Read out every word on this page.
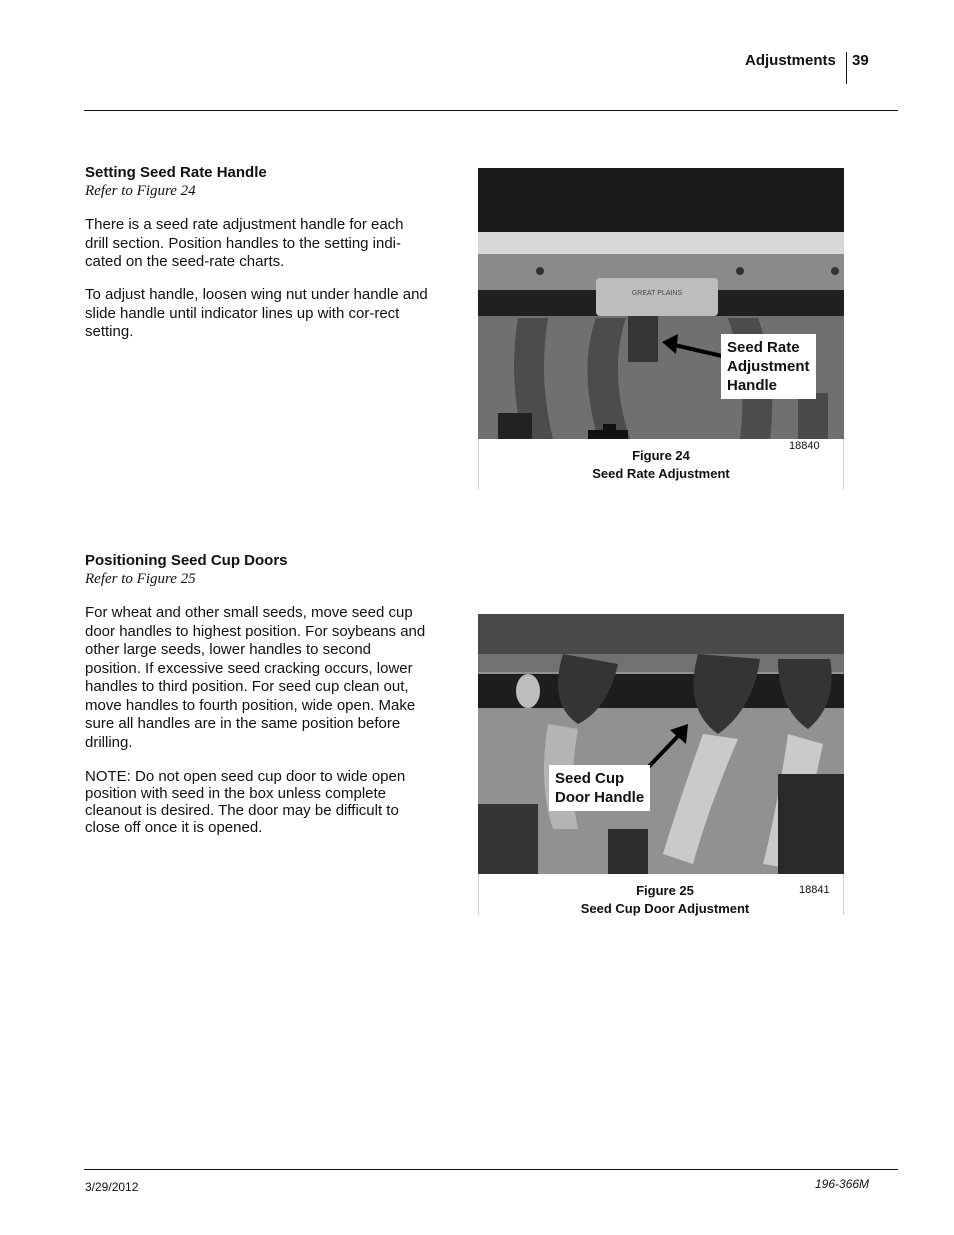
Adjustments 39
Setting Seed Rate Handle
Refer to Figure 24

There is a seed rate adjustment handle for each drill section. Position handles to the setting indi-cated on the seed-rate charts.

To adjust handle, loosen wing nut under handle and slide handle until indicator lines up with cor-rect setting.

GREAT PLAINS
Seed Rate
Adjustment
Handle
18840
Figure 24
Seed Rate Adjustment
Positioning Seed Cup Doors
Refer to Figure 25

For wheat and other small seeds, move seed cup door handles to highest position. For soybeans and other large seeds, lower handles to second position. If excessive seed cracking occurs, lower handles to third position. For seed cup clean out, move handles to fourth position, wide open. Make sure all handles are in the same position before drilling.

NOTE: Do not open seed cup door to wide open position with seed in the box unless complete cleanout is desired. The door may be difficult to close off once it is opened.

Seed Cup
Door Handle
18841
Figure 25
Seed Cup Door Adjustment
3/29/2012	196-366M
